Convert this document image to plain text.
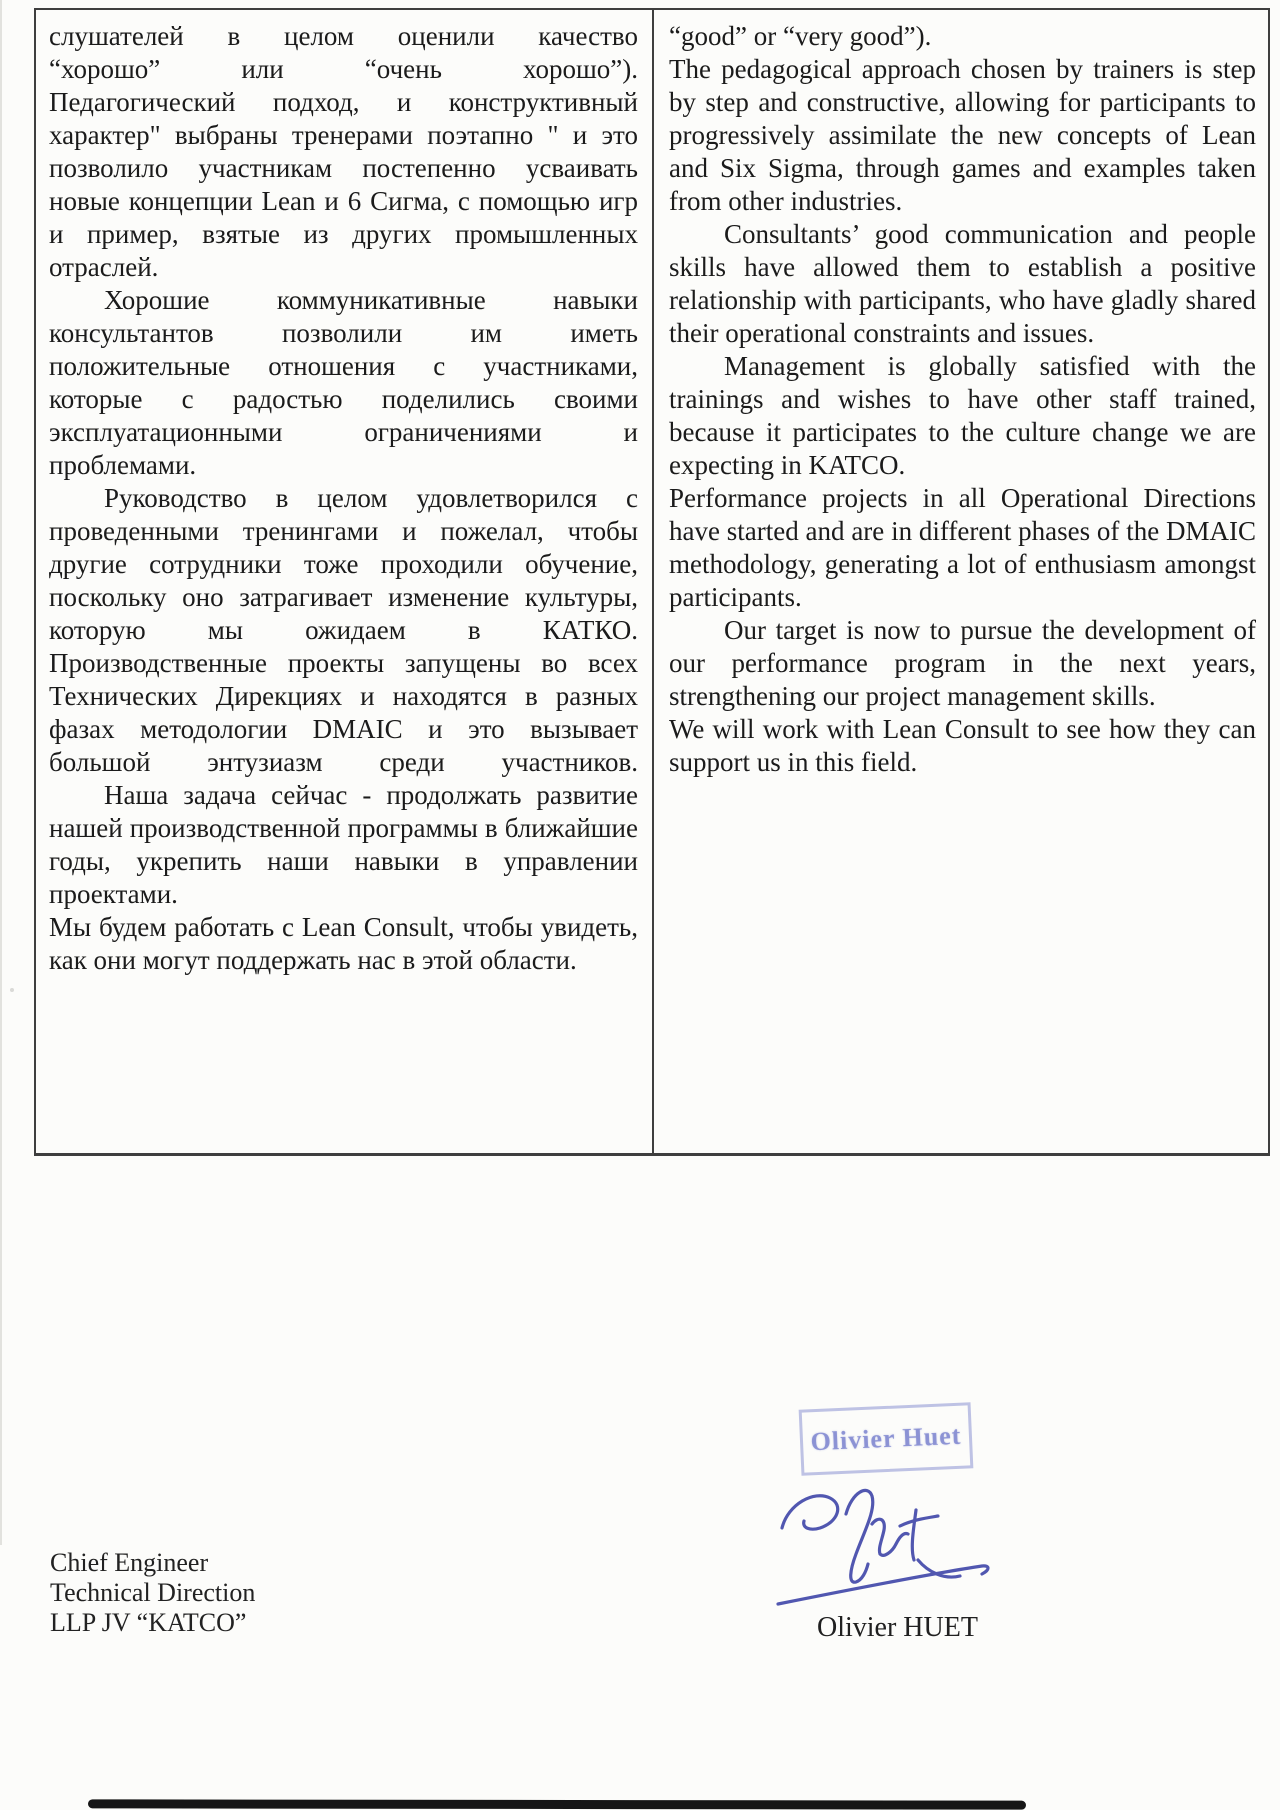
слушателей в целом оценили качество

“хорошо” или “очень хорошо”).

Педагогический подход, и конструктивный характер" выбраны тренерами поэтапно " и это позволило участникам постепенно усваивать новые концепции Lean и 6 Сигма, с помощью игр и пример, взятые из других промышленных отраслей.

Хорошие коммуникативные навыки консультантов позволили им иметь положительные отношения с участниками, которые с радостью поделились своими эксплуатационными ограничениями и проблемами.

Руководство в целом удовлетворился с проведенными тренингами и пожелал, чтобы другие сотрудники тоже проходили обучение, поскольку оно затрагивает изменение культуры, которую мы ожидаем в КАТКО.

Производственные проекты запущены во всех Технических Дирекциях и находятся в разных фазах методологии DMAIC и это вызывает большой энтузиазм среди участников.

Наша задача сейчас - продолжать развитие нашей производственной программы в ближайшие годы, укрепить наши навыки в управлении проектами.

Мы будем работать с Lean Consult, чтобы увидеть, как они могут поддержать нас в этой области.

“good” or “very good”).

The pedagogical approach chosen by trainers is step by step and constructive, allowing for participants to progressively assimilate the new concepts of Lean and Six Sigma, through games and examples taken from other industries.

Consultants’ good communication and people skills have allowed them to establish a positive relationship with participants, who have gladly shared their operational constraints and issues.

Management is globally satisfied with the trainings and wishes to have other staff trained, because it participates to the culture change we are expecting in KATCO.

Performance projects in all Operational Directions have started and are in different phases of the DMAIC methodology, generating a lot of enthusiasm amongst participants.

Our target is now to pursue the development of our performance program in the next years, strengthening our project management skills.

We will work with Lean Consult to see how they can support us in this field.

Chief Engineer
Technical Direction
LLP JV “KATCO”
Olivier Huet
Olivier HUET
